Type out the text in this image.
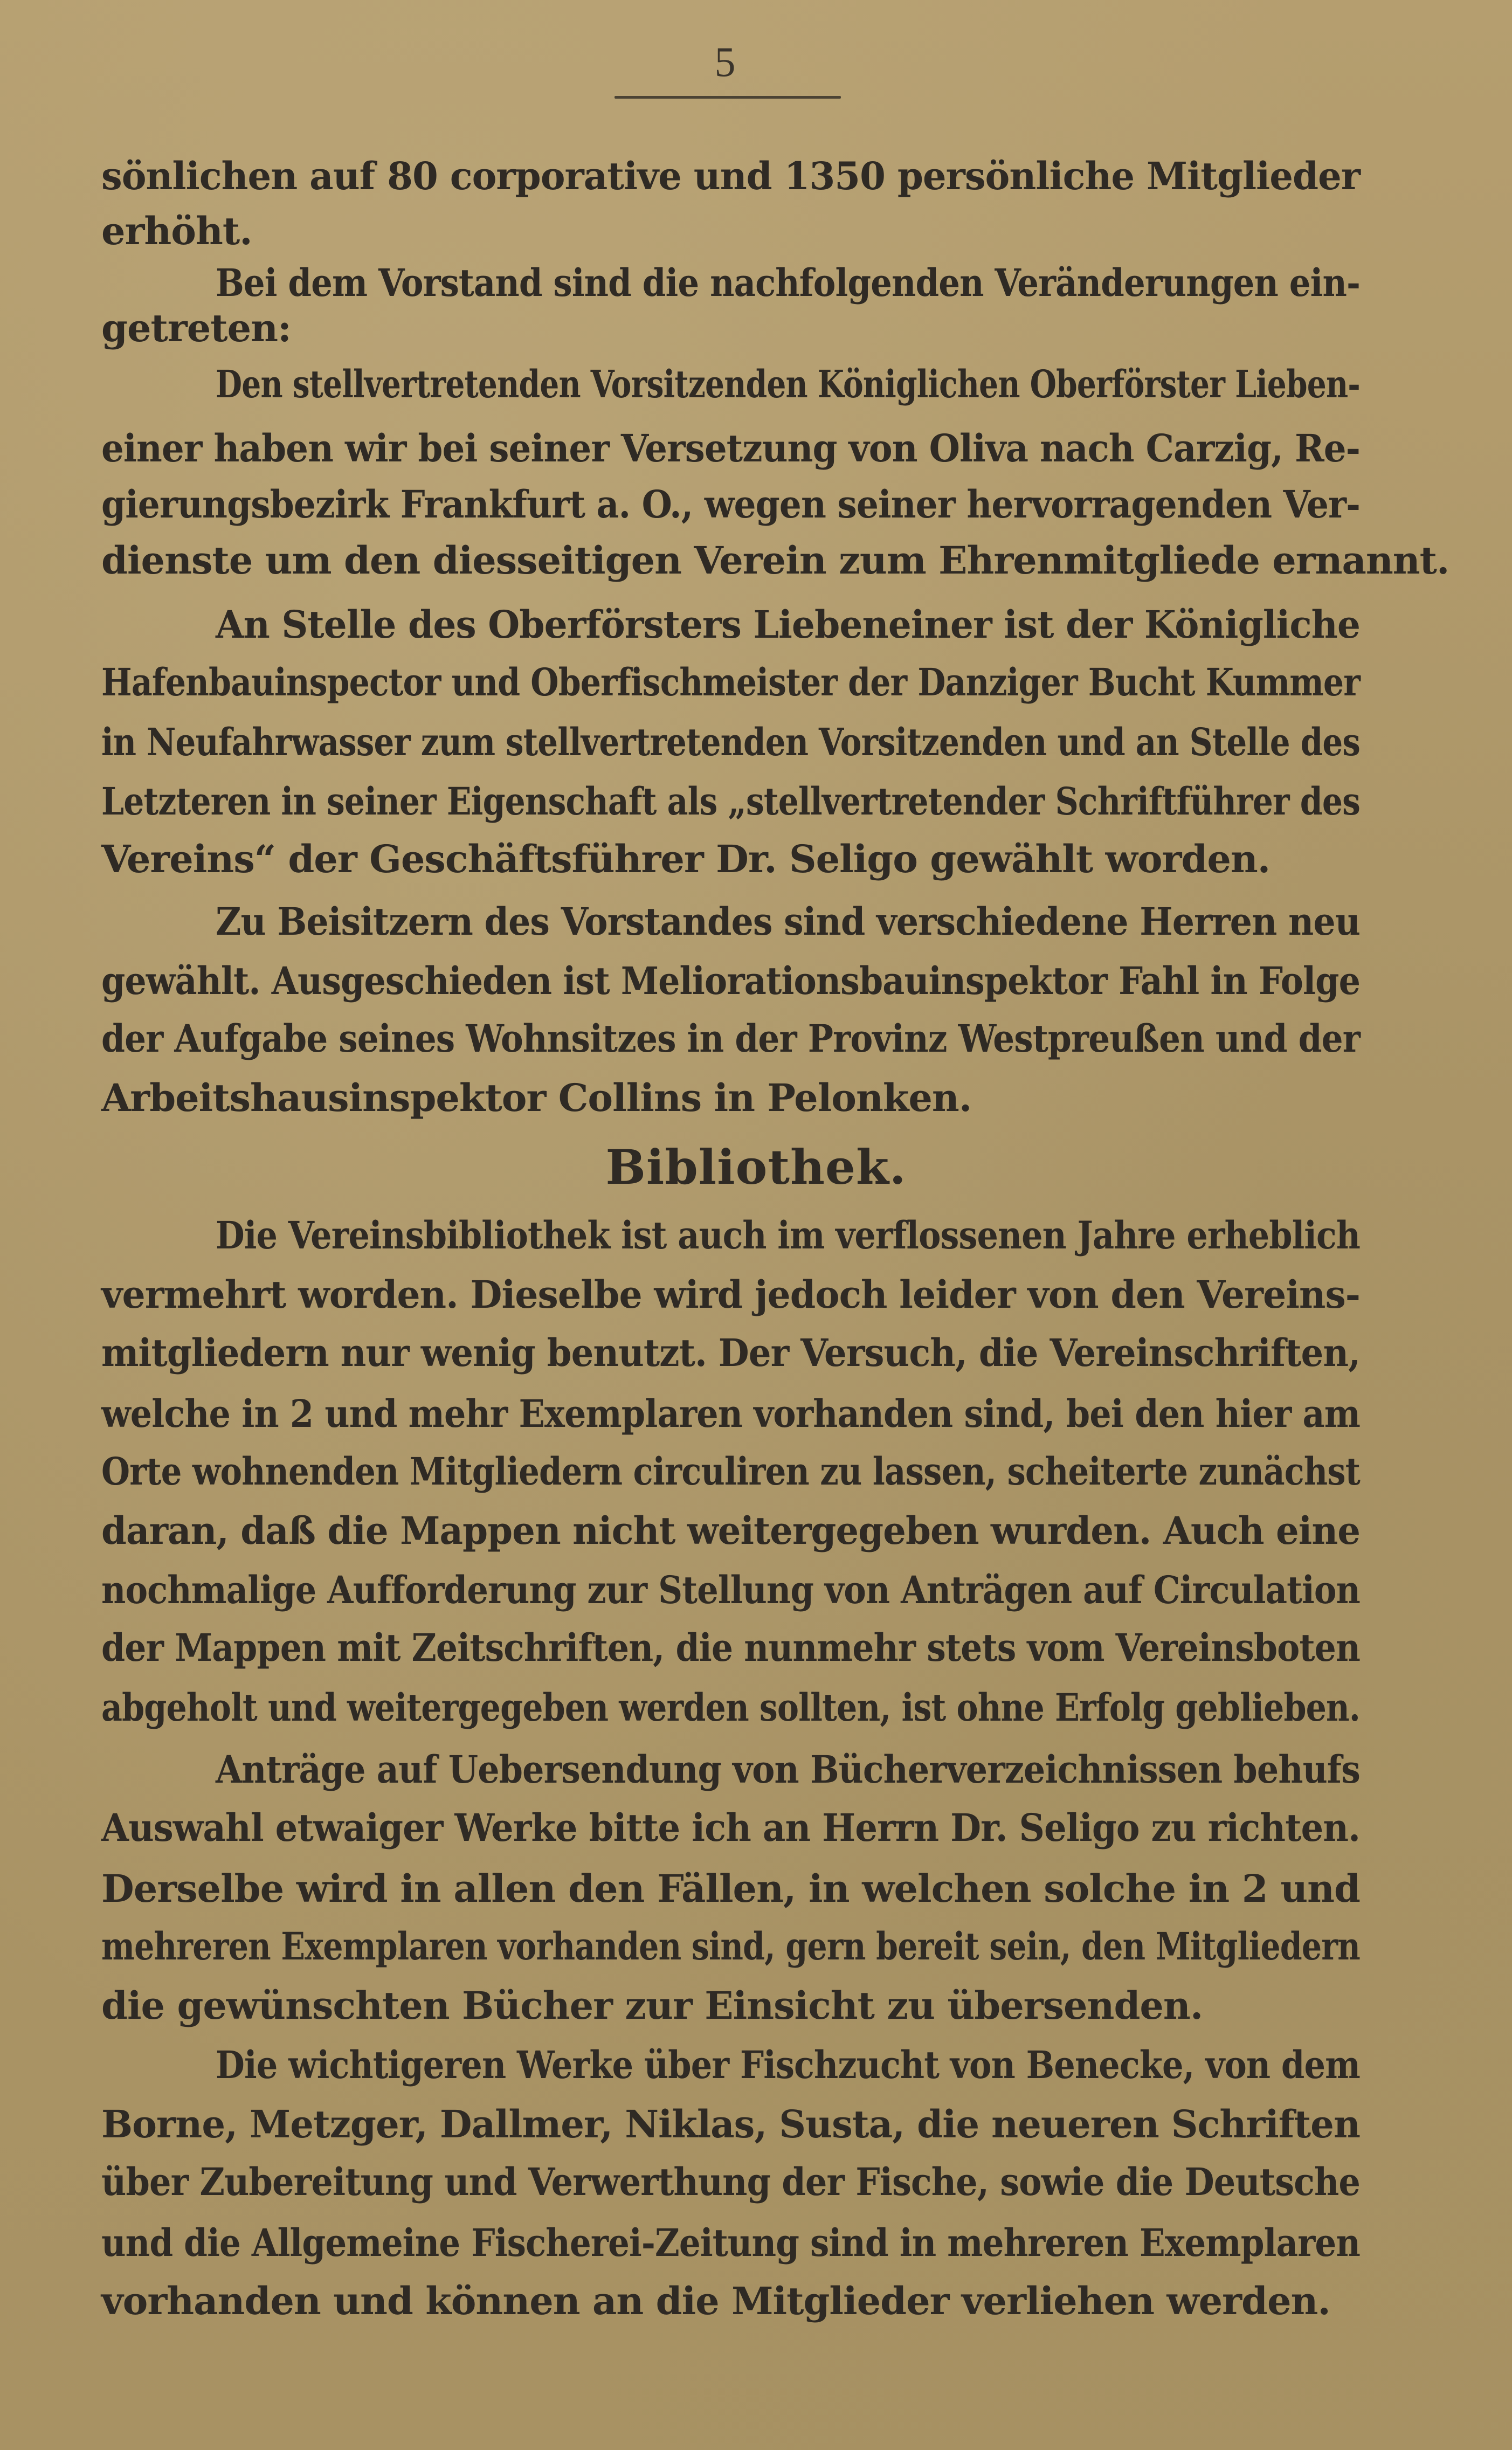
5
sönlichen auf 80 corporative und 1350 persönliche Mitglieder
erhöht.
Bei dem Vorstand sind die nachfolgenden Veränderungen ein-
getreten:
Den stellvertretenden Vorsitzenden Königlichen Oberförster Lieben-
einer haben wir bei seiner Versetzung von Oliva nach Carzig, Re-
gierungsbezirk Frankfurt a. O., wegen seiner hervorragenden Ver-
dienste um den diesseitigen Verein zum Ehrenmitgliede ernannt.
An Stelle des Oberförsters Liebeneiner ist der Königliche
Hafenbauinspector und Oberfischmeister der Danziger Bucht Kummer
in Neufahrwasser zum stellvertretenden Vorsitzenden und an Stelle des
Letzteren in seiner Eigenschaft als „stellvertretender Schriftführer des
Vereins“ der Geschäftsführer Dr. Seligo gewählt worden.
Zu Beisitzern des Vorstandes sind verschiedene Herren neu
gewählt. Ausgeschieden ist Meliorationsbauinspektor Fahl in Folge
der Aufgabe seines Wohnsitzes in der Provinz Westpreußen und der
Arbeitshausinspektor Collins in Pelonken.
Bibliothek.
Die Vereinsbibliothek ist auch im verflossenen Jahre erheblich
vermehrt worden. Dieselbe wird jedoch leider von den Vereins-
mitgliedern nur wenig benutzt. Der Versuch, die Vereinschriften,
welche in 2 und mehr Exemplaren vorhanden sind, bei den hier am
Orte wohnenden Mitgliedern circuliren zu lassen, scheiterte zunächst
daran, daß die Mappen nicht weitergegeben wurden. Auch eine
nochmalige Aufforderung zur Stellung von Anträgen auf Circulation
der Mappen mit Zeitschriften, die nunmehr stets vom Vereinsboten
abgeholt und weitergegeben werden sollten, ist ohne Erfolg geblieben.
Anträge auf Uebersendung von Bücherverzeichnissen behufs
Auswahl etwaiger Werke bitte ich an Herrn Dr. Seligo zu richten.
Derselbe wird in allen den Fällen, in welchen solche in 2 und
mehreren Exemplaren vorhanden sind, gern bereit sein, den Mitgliedern
die gewünschten Bücher zur Einsicht zu übersenden.
Die wichtigeren Werke über Fischzucht von Benecke, von dem
Borne, Metzger, Dallmer, Niklas, Susta, die neueren Schriften
über Zubereitung und Verwerthung der Fische, sowie die Deutsche
und die Allgemeine Fischerei-Zeitung sind in mehreren Exemplaren
vorhanden und können an die Mitglieder verliehen werden.
